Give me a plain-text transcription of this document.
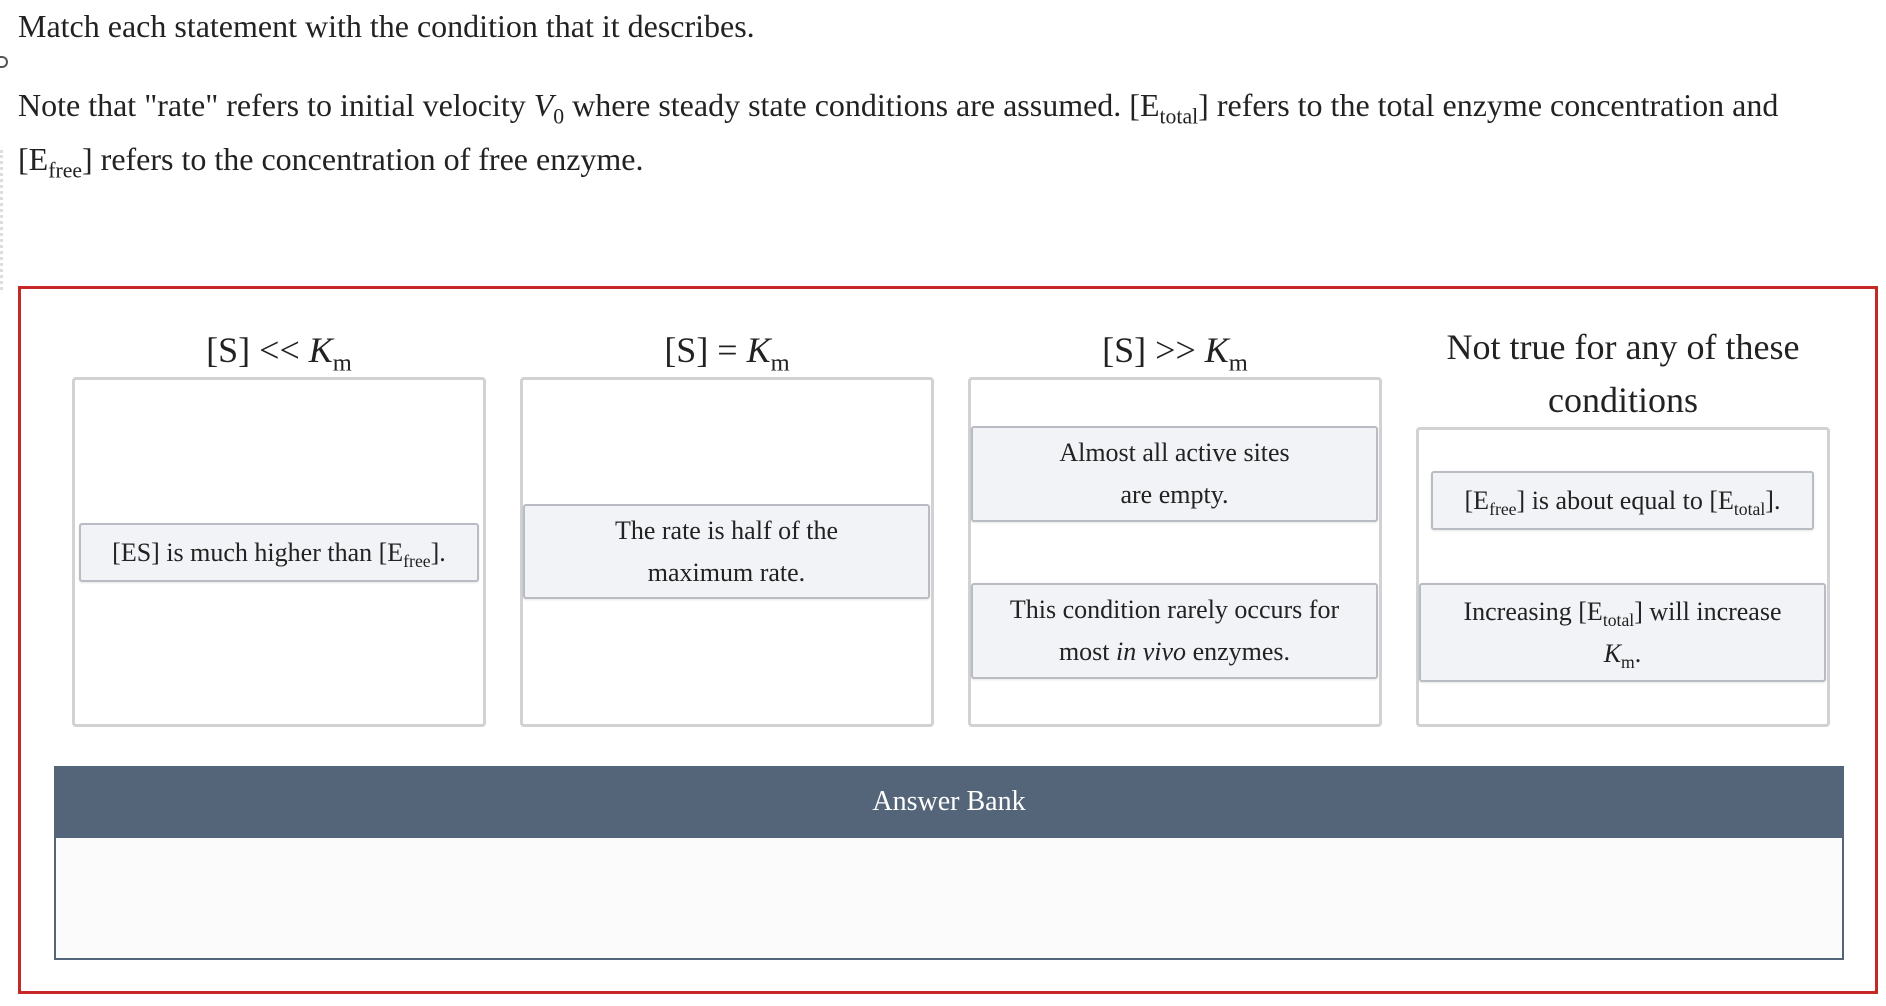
Match each statement with the condition that it describes.
Note that "rate" refers to initial velocity $V_0$ where steady state conditions are assumed. $[E_{total}]$ refers to the total enzyme concentration and $[E_{free}]$ refers to the concentration of free enzyme.
$[S] << K_m$	$[S] = K_m$	$[S] >> K_m$	Not true for any of these
conditions
[ES] is much higher than $[E_{free}]$.
The rate is half of the
maximum rate.
Almost all active sites
are empty.
This condition rarely occurs for
most in vivo enzymes.
$[E_{free}]$ is about equal to $[E_{total}]$.
Increasing $[E_{total}]$ will increase
$K_m$.
Answer Bank
